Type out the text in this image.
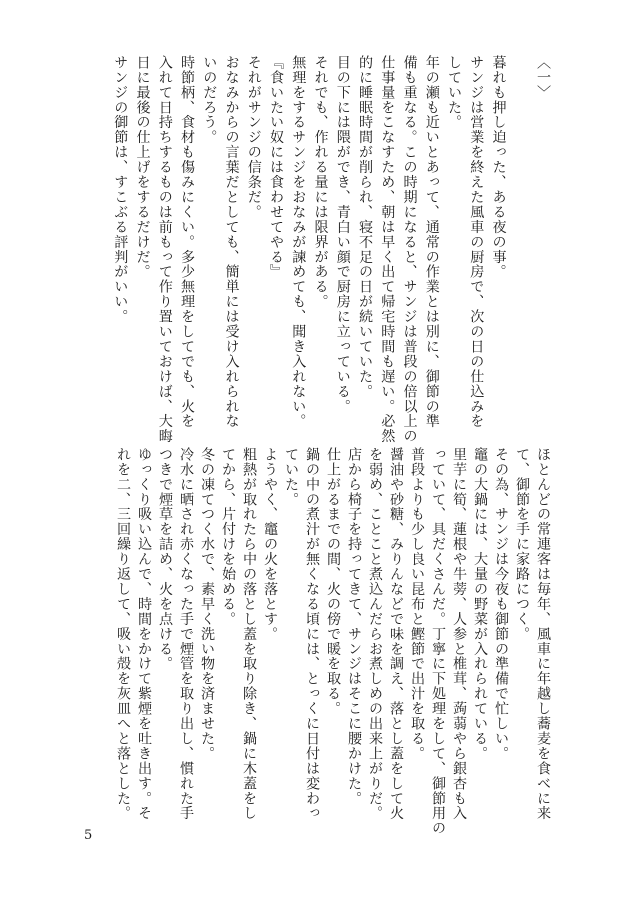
〈一〉
暮れも押し迫った、ある夜の事。
サンジは営業を終えた風車の厨房で、次の日の仕込みを
していた。
年の瀬も近いとあって、通常の作業とは別に、御節の準
備も重なる。この時期になると、サンジは普段の倍以上の
仕事量をこなすため、朝は早く出て帰宅時間も遅い。必然
的に睡眠時間が削られ、寝不足の日が続いていた。
目の下には隈ができ、青白い顔で厨房に立っている。
それでも、作れる量には限界がある。
無理をするサンジをおなみが諫めても、聞き入れない。
『食いたい奴には食わせてやる』
それがサンジの信条だ。
おなみからの言葉だとしても、簡単には受け入れられな
いのだろう。
時節柄、食材も傷みにくい。多少無理をしてでも、火を
入れて日持ちするものは前もって作り置いておけば、大晦
日に最後の仕上げをするだけだ。
サンジの御節は、すこぶる評判がいい。
ほとんどの常連客は毎年、風車に年越し蕎麦を食べに来
て、御節を手に家路につく。
その為、サンジは今夜も御節の準備で忙しい。
竈の大鍋には、大量の野菜が入れられている。
里芋に筍、蓮根や牛蒡、人参と椎茸、蒟蒻やら銀杏も入
っていて、具だくさんだ。丁寧に下処理をして、御節用の
普段よりも少し良い昆布と鰹節で出汁を取る。
醤油や砂糖、みりんなどで味を調え、落とし蓋をして火
を弱め、ことこと煮込んだらお煮しめの出来上がりだ。
店から椅子を持ってきて、サンジはそこに腰かけた。
仕上がるまでの間、火の傍で暖を取る。
鍋の中の煮汁が無くなる頃には、とっくに日付は変わっ
ていた。
ようやく、竈の火を落とす。
粗熱が取れたら中の落とし蓋を取り除き、鍋に木蓋をし
てから、片付けを始める。
冬の凍てつく水で、素早く洗い物を済ませた。
冷水に晒され赤くなった手で煙管を取り出し、慣れた手
つきで煙草を詰め、火を点ける。
ゆっくり吸い込んで、時間をかけて紫煙を吐き出す。そ
れを二、三回繰り返して、吸い殻を灰皿へと落とした。
5
